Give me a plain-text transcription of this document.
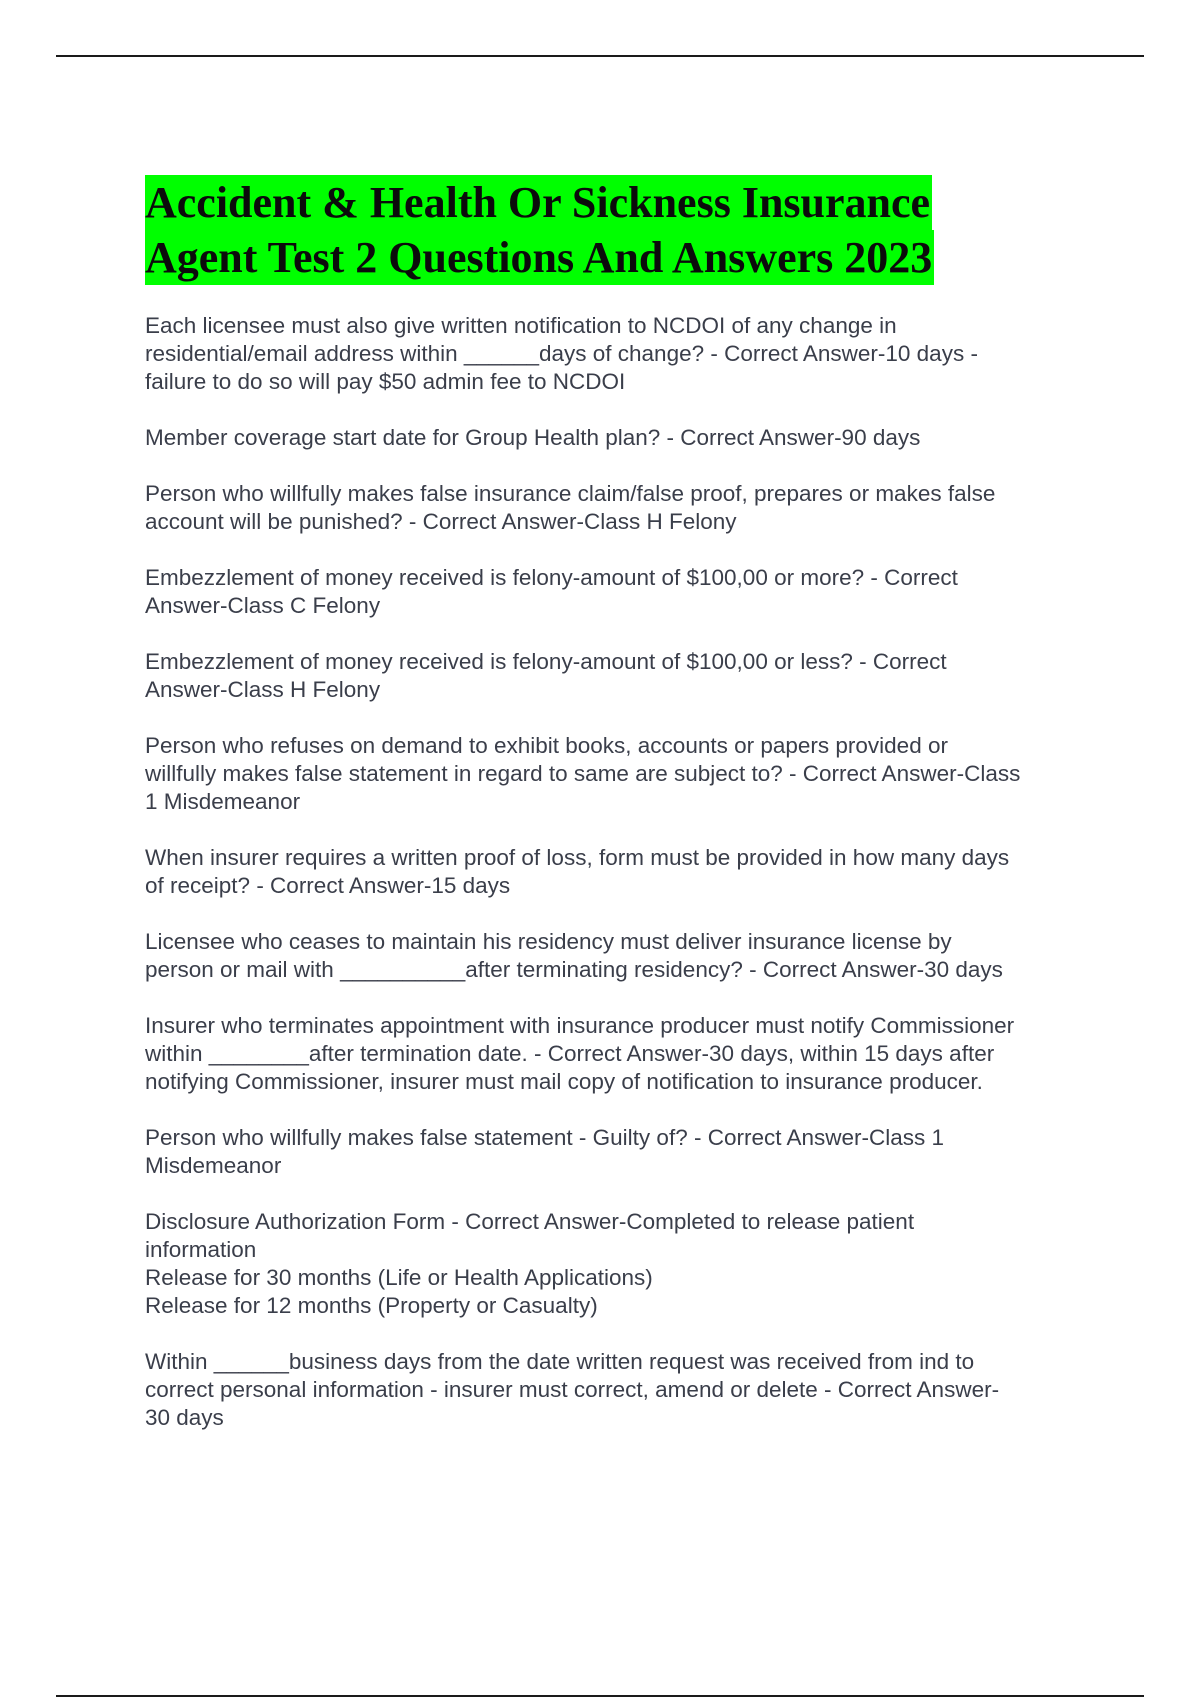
Accident & Health Or Sickness Insurance
Agent Test 2 Questions And Answers 2023
Each licensee must also give written notification to NCDOI of any change in
residential/email address within ______days of change? - Correct Answer-10 days -
failure to do so will pay $50 admin fee to NCDOI
Member coverage start date for Group Health plan? - Correct Answer-90 days
Person who willfully makes false insurance claim/false proof, prepares or makes false
account will be punished? - Correct Answer-Class H Felony
Embezzlement of money received is felony-amount of $100,00 or more? - Correct
Answer-Class C Felony
Embezzlement of money received is felony-amount of $100,00 or less? - Correct
Answer-Class H Felony
Person who refuses on demand to exhibit books, accounts or papers provided or
willfully makes false statement in regard to same are subject to? - Correct Answer-Class
1 Misdemeanor
When insurer requires a written proof of loss, form must be provided in how many days
of receipt? - Correct Answer-15 days
Licensee who ceases to maintain his residency must deliver insurance license by
person or mail with __________after terminating residency? - Correct Answer-30 days
Insurer who terminates appointment with insurance producer must notify Commissioner
within ________after termination date. - Correct Answer-30 days, within 15 days after
notifying Commissioner, insurer must mail copy of notification to insurance producer.
Person who willfully makes false statement - Guilty of? - Correct Answer-Class 1
Misdemeanor
Disclosure Authorization Form - Correct Answer-Completed to release patient
information
Release for 30 months (Life or Health Applications)
Release for 12 months (Property or Casualty)
Within ______business days from the date written request was received from ind to
correct personal information - insurer must correct, amend or delete - Correct Answer-
30 days
